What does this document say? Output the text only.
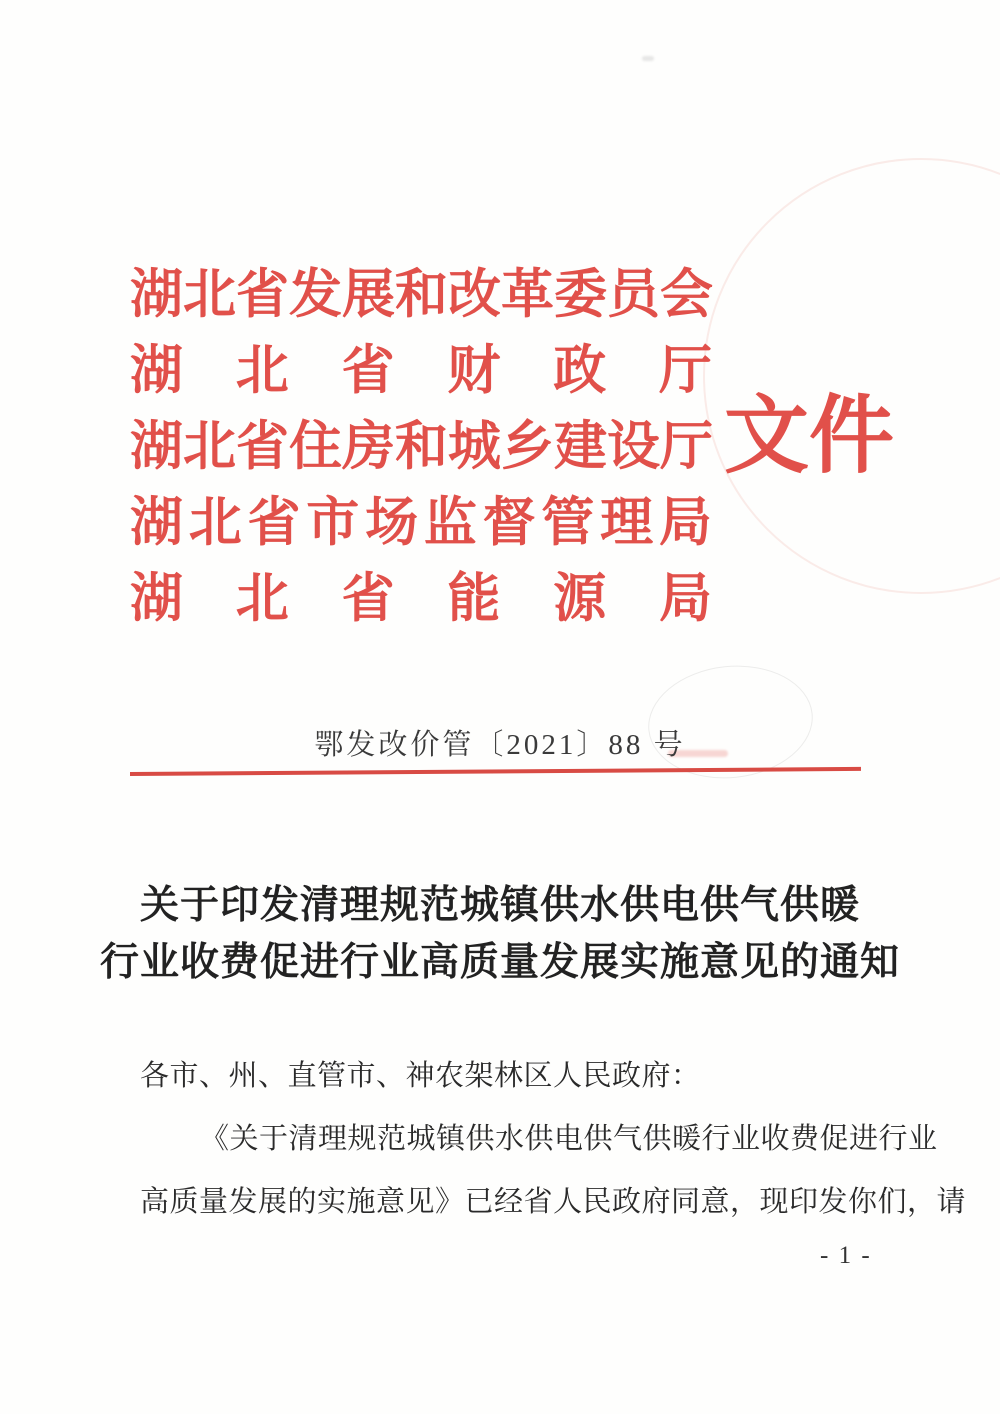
湖 北 省 发 展 和 改 革 委 员 会
湖 北 省 财 政 厅
湖 北 省 住 房 和 城 乡 建 设 厅
湖 北 省 市 场 监 督 管 理 局
湖 北 省 能 源 局
文 件
鄂发改价管〔2021〕88 号
关于印发清理规范城镇供水供电供气供暖
行业收费促进行业高质量发展实施意见的通知
各市、州、直管市、神农架林区人民政府：
《关于清理规范城镇供水供电供气供暖行业收费促进行业
高质量发展的实施意见》已经省人民政府同意，现印发你们，请
- 1 -
